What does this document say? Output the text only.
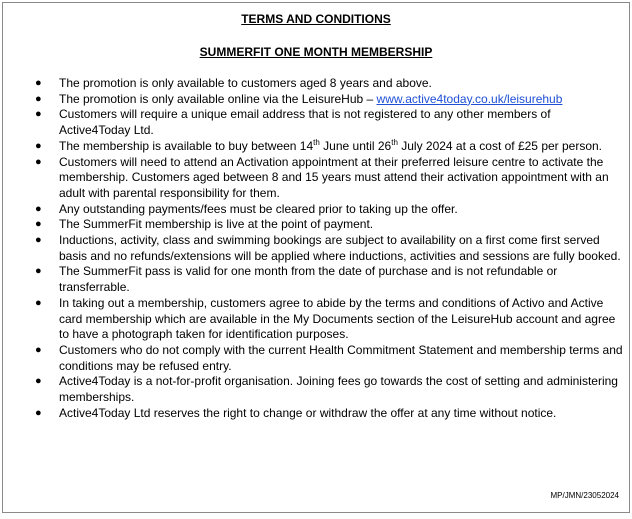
TERMS AND CONDITIONS
SUMMERFIT ONE MONTH MEMBERSHIP
● The promotion is only available to customers aged 8 years and above.
● The promotion is only available online via the LeisureHub – www.active4today.co.uk/leisurehub
● Customers will require a unique email address that is not registered to any other members of Active4Today Ltd.
● The membership is available to buy between 14th June until 26th July 2024 at a cost of £25 per person.
● Customers will need to attend an Activation appointment at their preferred leisure centre to activate the membership. Customers aged between 8 and 15 years must attend their activation appointment with an adult with parental responsibility for them.
● Any outstanding payments/fees must be cleared prior to taking up the offer.
● The SummerFit membership is live at the point of payment.
● Inductions, activity, class and swimming bookings are subject to availability on a first come first served basis and no refunds/extensions will be applied where inductions, activities and sessions are fully booked.
● The SummerFit pass is valid for one month from the date of purchase and is not refundable or transferrable.
● In taking out a membership, customers agree to abide by the terms and conditions of Activo and Active card membership which are available in the My Documents section of the LeisureHub account and agree to have a photograph taken for identification purposes.
● Customers who do not comply with the current Health Commitment Statement and membership terms and conditions may be refused entry.
● Active4Today is a not-for-profit organisation. Joining fees go towards the cost of setting and administering memberships.
● Active4Today Ltd reserves the right to change or withdraw the offer at any time without notice.

MP/JMN/23052024
